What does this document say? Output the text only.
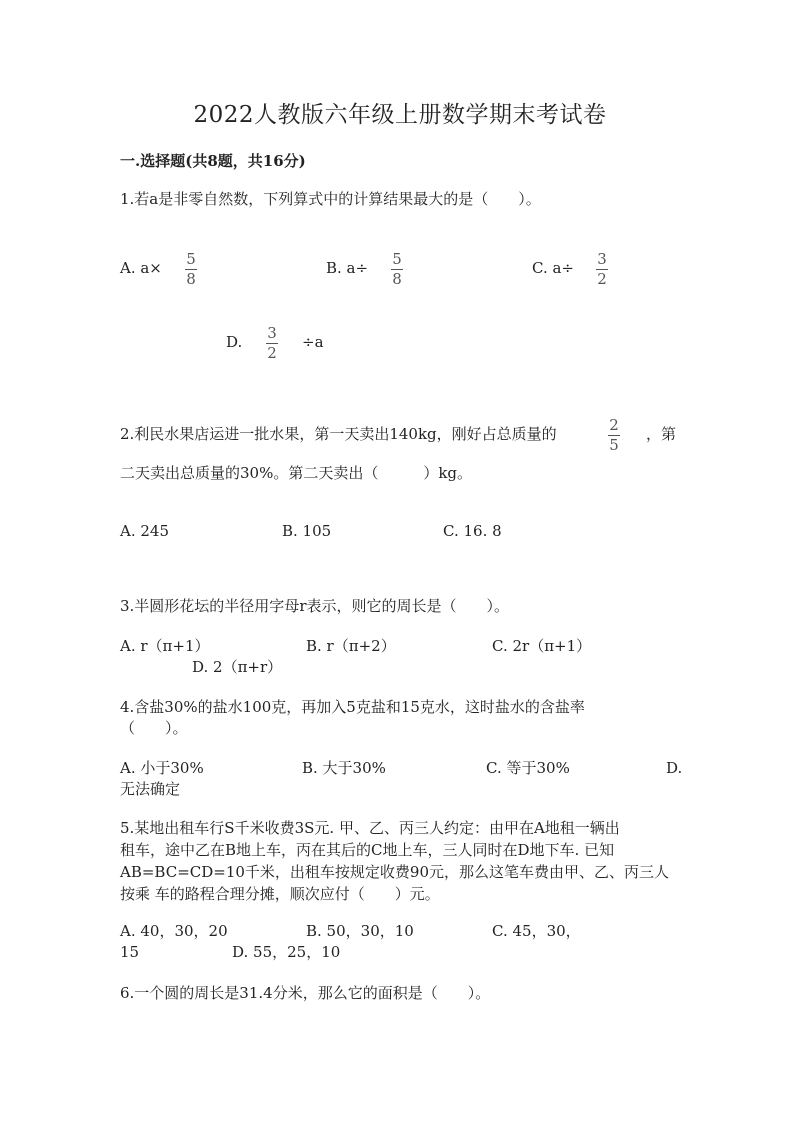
2022人教版六年级上册数学期末考试卷
一.选择题(共8题，共16分)
1.若a是非零自然数，下列算式中的计算结果最大的是（　　）。
A. a× 5
8
B. a÷ 5
8
C. a÷ 3
2
D. 3
2
÷a
2.利民水果店运进一批水果，第一天卖出140kg，刚好占总质量的	2
5
，第
二天卖出总质量的30%。第二天卖出（　　　）kg。
A. 245	B. 105	C. 16. 8
3.半圆形花坛的半径用字母r表示，则它的周长是（　　）。
A. r（π+1）	B. r（π+2）	C. 2r（π+1）
D. 2（π+r）
4.含盐30%的盐水100克，再加入5克盐和15克水，这时盐水的含盐率
（　　）。
A. 小于30%	B. 大于30%	C. 等于30%	D.
无法确定
5.某地出租车行S千米收费3S元. 甲、乙、丙三人约定：由甲在A地租一辆出
租车，途中乙在B地上车，丙在其后的C地上车，三人同时在D地下车. 已知
AB=BC=CD=10千米，出租车按规定收费90元，那么这笔车费由甲、乙、丙三人
按乘 车的路程合理分摊，顺次应付（　　）元。
A. 40，30，20	B. 50，30，10	C. 45，30，
15	D. 55，25，10
6.一个圆的周长是31.4分米，那么它的面积是（　　）。
